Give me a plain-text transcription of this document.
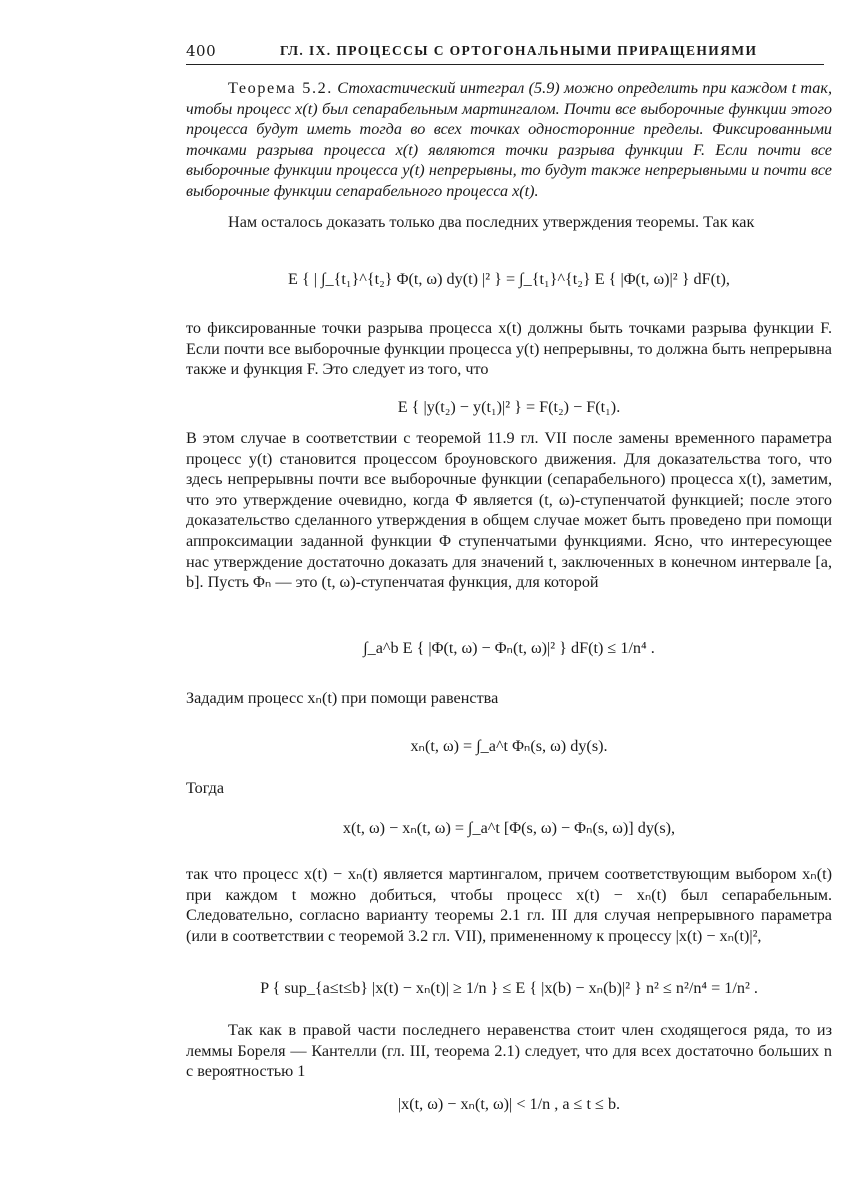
400	ГЛ. IX. ПРОЦЕССЫ С ОРТОГОНАЛЬНЫМИ ПРИРАЩЕНИЯМИ

Теорема 5.2. Стохастический интеграл (5.9) можно определить при каждом t так, чтобы процесс x(t) был сепарабельным мартингалом. Почти все выборочные функции этого процесса будут иметь тогда во всех точках односторонние пределы. Фиксированными точками разрыва процесса x(t) являются точки разрыва функции F. Если почти все выборочные функции процесса y(t) непрерывны, то будут также непрерывными и почти все выборочные функции сепарабельного процесса x(t).

Нам осталось доказать только два последних утверждения теоремы. Так как

E { | ∫_{t₁}^{t₂} Φ(t, ω) dy(t) |² } = ∫_{t₁}^{t₂} E { |Φ(t, ω)|² } dF(t),

то фиксированные точки разрыва процесса x(t) должны быть точками разрыва функции F. Если почти все выборочные функции процесса y(t) непрерывны, то должна быть непрерывна также и функция F. Это следует из того, что

E { |y(t₂) − y(t₁)|² } = F(t₂) − F(t₁).

В этом случае в соответствии с теоремой 11.9 гл. VII после замены временного параметра процесс y(t) становится процессом броуновского движения. Для доказательства того, что здесь непрерывны почти все выборочные функции (сепарабельного) процесса x(t), заметим, что это утверждение очевидно, когда Φ является (t, ω)-ступенчатой функцией; после этого доказательство сделанного утверждения в общем случае может быть проведено при помощи аппроксимации заданной функции Φ ступенчатыми функциями. Ясно, что интересующее нас утверждение достаточно доказать для значений t, заключенных в конечном интервале [a, b]. Пусть Φₙ — это (t, ω)-ступенчатая функция, для которой

∫_a^b E { |Φ(t, ω) − Φₙ(t, ω)|² } dF(t) ≤ 1/n⁴ .

Зададим процесс xₙ(t) при помощи равенства

xₙ(t, ω) = ∫_a^t Φₙ(s, ω) dy(s).

Тогда

x(t, ω) − xₙ(t, ω) = ∫_a^t [Φ(s, ω) − Φₙ(s, ω)] dy(s),

так что процесс x(t) − xₙ(t) является мартингалом, причем соответствующим выбором xₙ(t) при каждом t можно добиться, чтобы процесс x(t) − xₙ(t) был сепарабельным. Следовательно, согласно варианту теоремы 2.1 гл. III для случая непрерывного параметра (или в соответствии с теоремой 3.2 гл. VII), примененному к процессу |x(t) − xₙ(t)|²,

P { sup_{a≤t≤b} |x(t) − xₙ(t)| ≥ 1/n } ≤ E { |x(b) − xₙ(b)|² } n² ≤ n²/n⁴ = 1/n² .

Так как в правой части последнего неравенства стоит член сходящегося ряда, то из леммы Бореля — Кантелли (гл. III, теорема 2.1) следует, что для всех достаточно больших n с вероятностью 1

|x(t, ω) − xₙ(t, ω)| < 1/n , a ≤ t ≤ b.
